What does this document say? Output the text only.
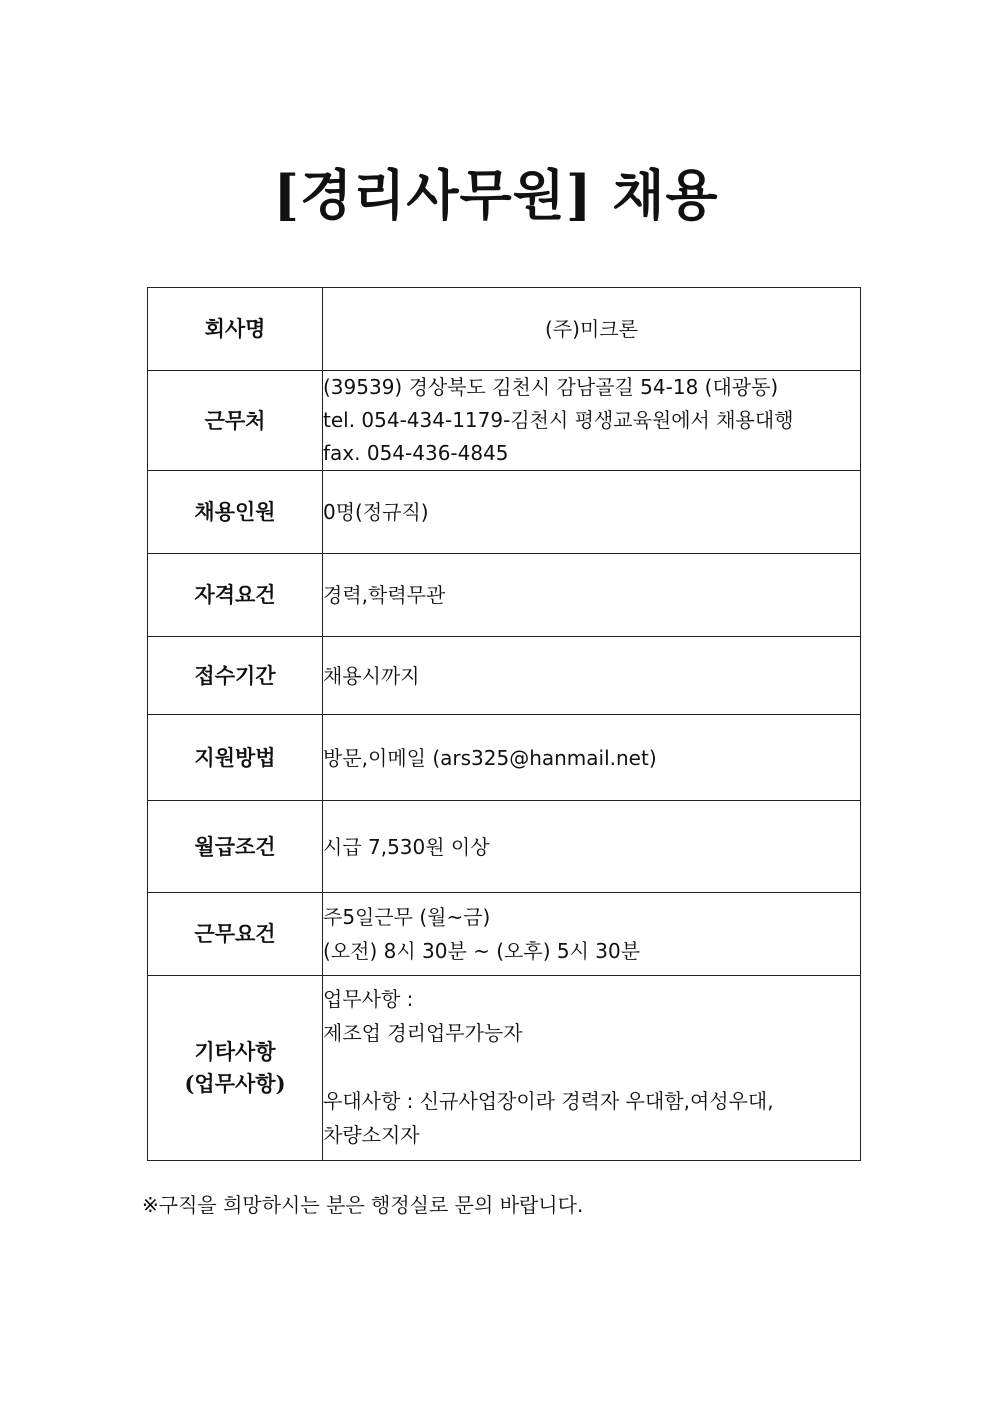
[경리사무원] 채용
회사명	(주)미크론
근무처	(39539) 경상북도 김천시 감남골길 54-18 (대광동)
tel. 054-434-1179-김천시 평생교육원에서 채용대행
fax. 054-436-4845

채용인원	0명(정규직)
자격요건	경력,학력무관
접수기간	채용시까지
지원방법	방문,이메일 (ars325@hanmail.net)
월급조건	시급 7,530원 이상
근무요건	주5일근무 (월~금)
(오전) 8시 30분 ~ (오후) 5시 30분

기타사항
(업무사항)	업무사항 :
제조업 경리업무가능자
우대사항 : 신규사업장이라 경력자 우대함,여성우대,
차량소지자
※구직을 희망하시는 분은 행정실로 문의 바랍니다.
